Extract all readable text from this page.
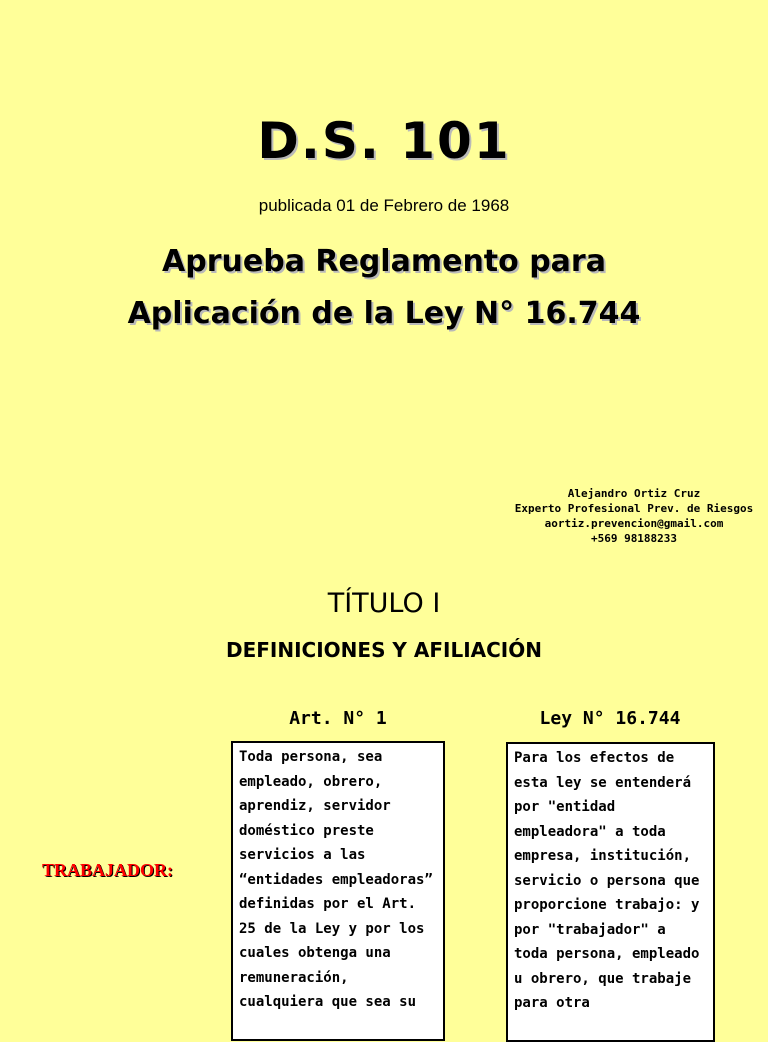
D.S. 101
publicada 01 de Febrero de 1968
Aprueba Reglamento para
Aplicación de la Ley N° 16.744
Alejandro Ortiz Cruz
Experto Profesional Prev. de Riesgos
aortiz.prevencion@gmail.com
+569 98188233
TÍTULO I
DEFINICIONES Y AFILIACIÓN
Art. N° 1	Ley N° 16.744
Toda persona, sea empleado, obrero, aprendiz, servidor doméstico preste servicios a las “entidades empleadoras” definidas por el Art. 25 de la Ley y por los cuales obtenga una remuneración, cualquiera que sea su
Para los efectos de esta ley se entenderá por "entidad empleadora" a toda empresa, institución, servicio o persona que proporcione trabajo: y por "trabajador" a toda persona, empleado u obrero, que trabaje para otra
TRABAJADOR:
